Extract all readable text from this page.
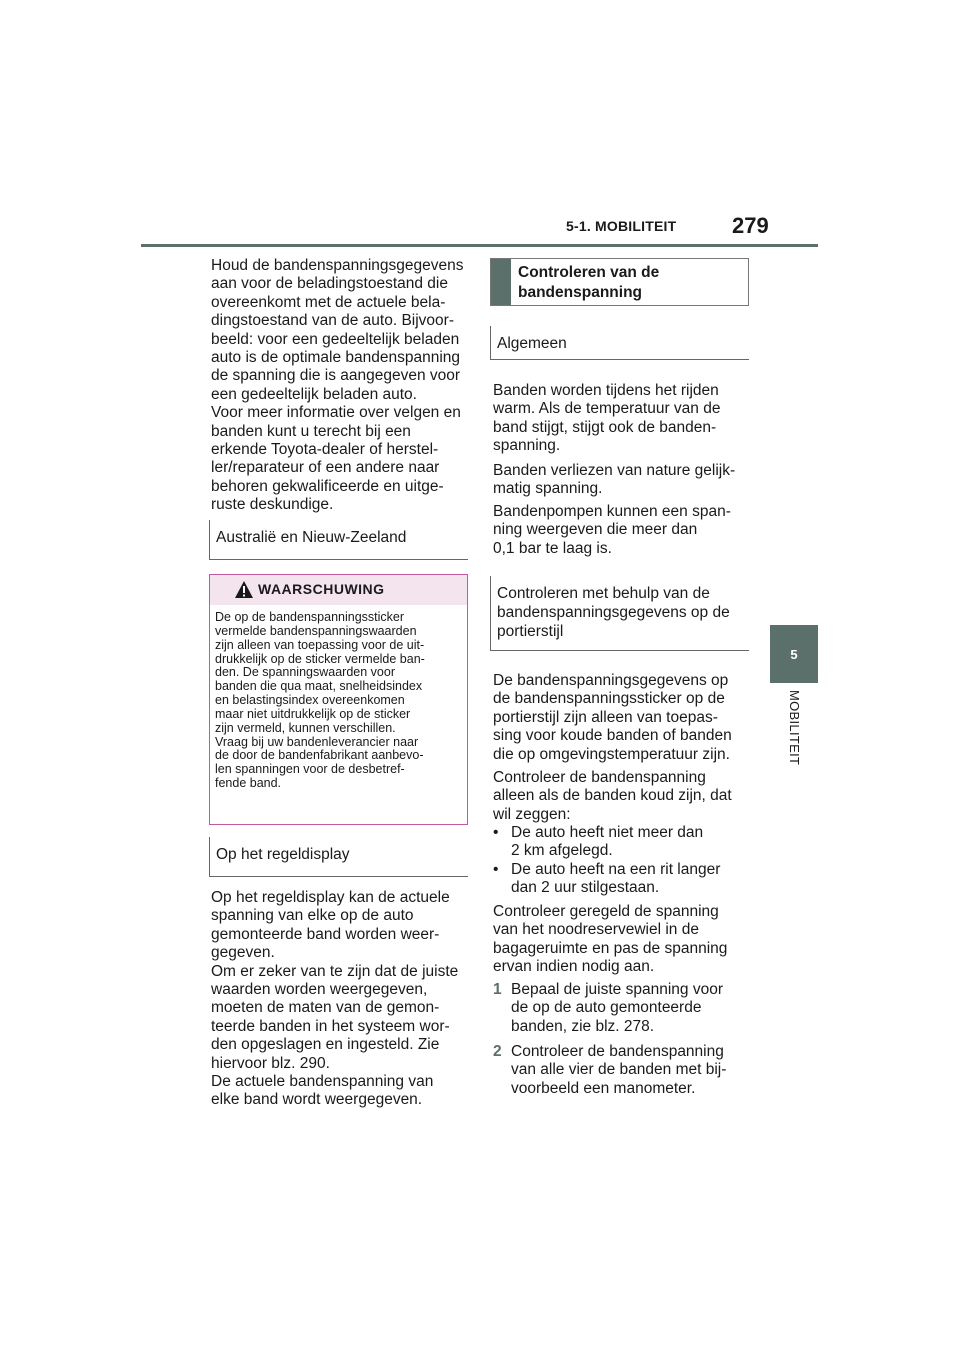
5-1. MOBILITEIT	279
5
MOBILITEIT
Houd de bandenspanningsgegevens
aan voor de beladingstoestand die
overeenkomt met de actuele bela-
dingstoestand van de auto. Bijvoor-
beeld: voor een gedeeltelijk beladen
auto is de optimale bandenspanning
de spanning die is aangegeven voor
een gedeeltelijk beladen auto.
Voor meer informatie over velgen en
banden kunt u terecht bij een
erkende Toyota-dealer of herstel-
ler/reparateur of een andere naar
behoren gekwalificeerde en uitge-
ruste deskundige.
Australië en Nieuw-Zeeland
WAARSCHUWING
De op de bandenspanningssticker
vermelde bandenspanningswaarden
zijn alleen van toepassing voor de uit-
drukkelijk op de sticker vermelde ban-
den. De spanningswaarden voor
banden die qua maat, snelheidsindex
en belastingsindex overeenkomen
maar niet uitdrukkelijk op de sticker
zijn vermeld, kunnen verschillen.
Vraag bij uw bandenleverancier naar
de door de bandenfabrikant aanbevo-
len spanningen voor de desbetref-
fende band.
Op het regeldisplay
Op het regeldisplay kan de actuele
spanning van elke op de auto
gemonteerde band worden weer-
gegeven.
Om er zeker van te zijn dat de juiste
waarden worden weergegeven,
moeten de maten van de gemon-
teerde banden in het systeem wor-
den opgeslagen en ingesteld. Zie
hiervoor blz. 290.
De actuele bandenspanning van
elke band wordt weergegeven.
Controleren van de
bandenspanning
Algemeen
Banden worden tijdens het rijden
warm. Als de temperatuur van de
band stijgt, stijgt ook de banden-
spanning.
Banden verliezen van nature gelijk-
matig spanning.
Bandenpompen kunnen een span-
ning weergeven die meer dan
0,1 bar te laag is.
Controleren met behulp van de
bandenspanningsgegevens op de
portierstijl
De bandenspanningsgegevens op
de bandenspanningssticker op de
portierstijl zijn alleen van toepas-
sing voor koude banden of banden
die op omgevingstemperatuur zijn.
Controleer de bandenspanning
alleen als de banden koud zijn, dat
wil zeggen:
• De auto heeft niet meer dan
2 km afgelegd.
• De auto heeft na een rit langer
dan 2 uur stilgestaan.
Controleer geregeld de spanning
van het noodreservewiel in de
bagageruimte en pas de spanning
ervan indien nodig aan.
1 Bepaal de juiste spanning voor
de op de auto gemonteerde
banden, zie blz. 278.
2 Controleer de bandenspanning
van alle vier de banden met bij-
voorbeeld een manometer.
